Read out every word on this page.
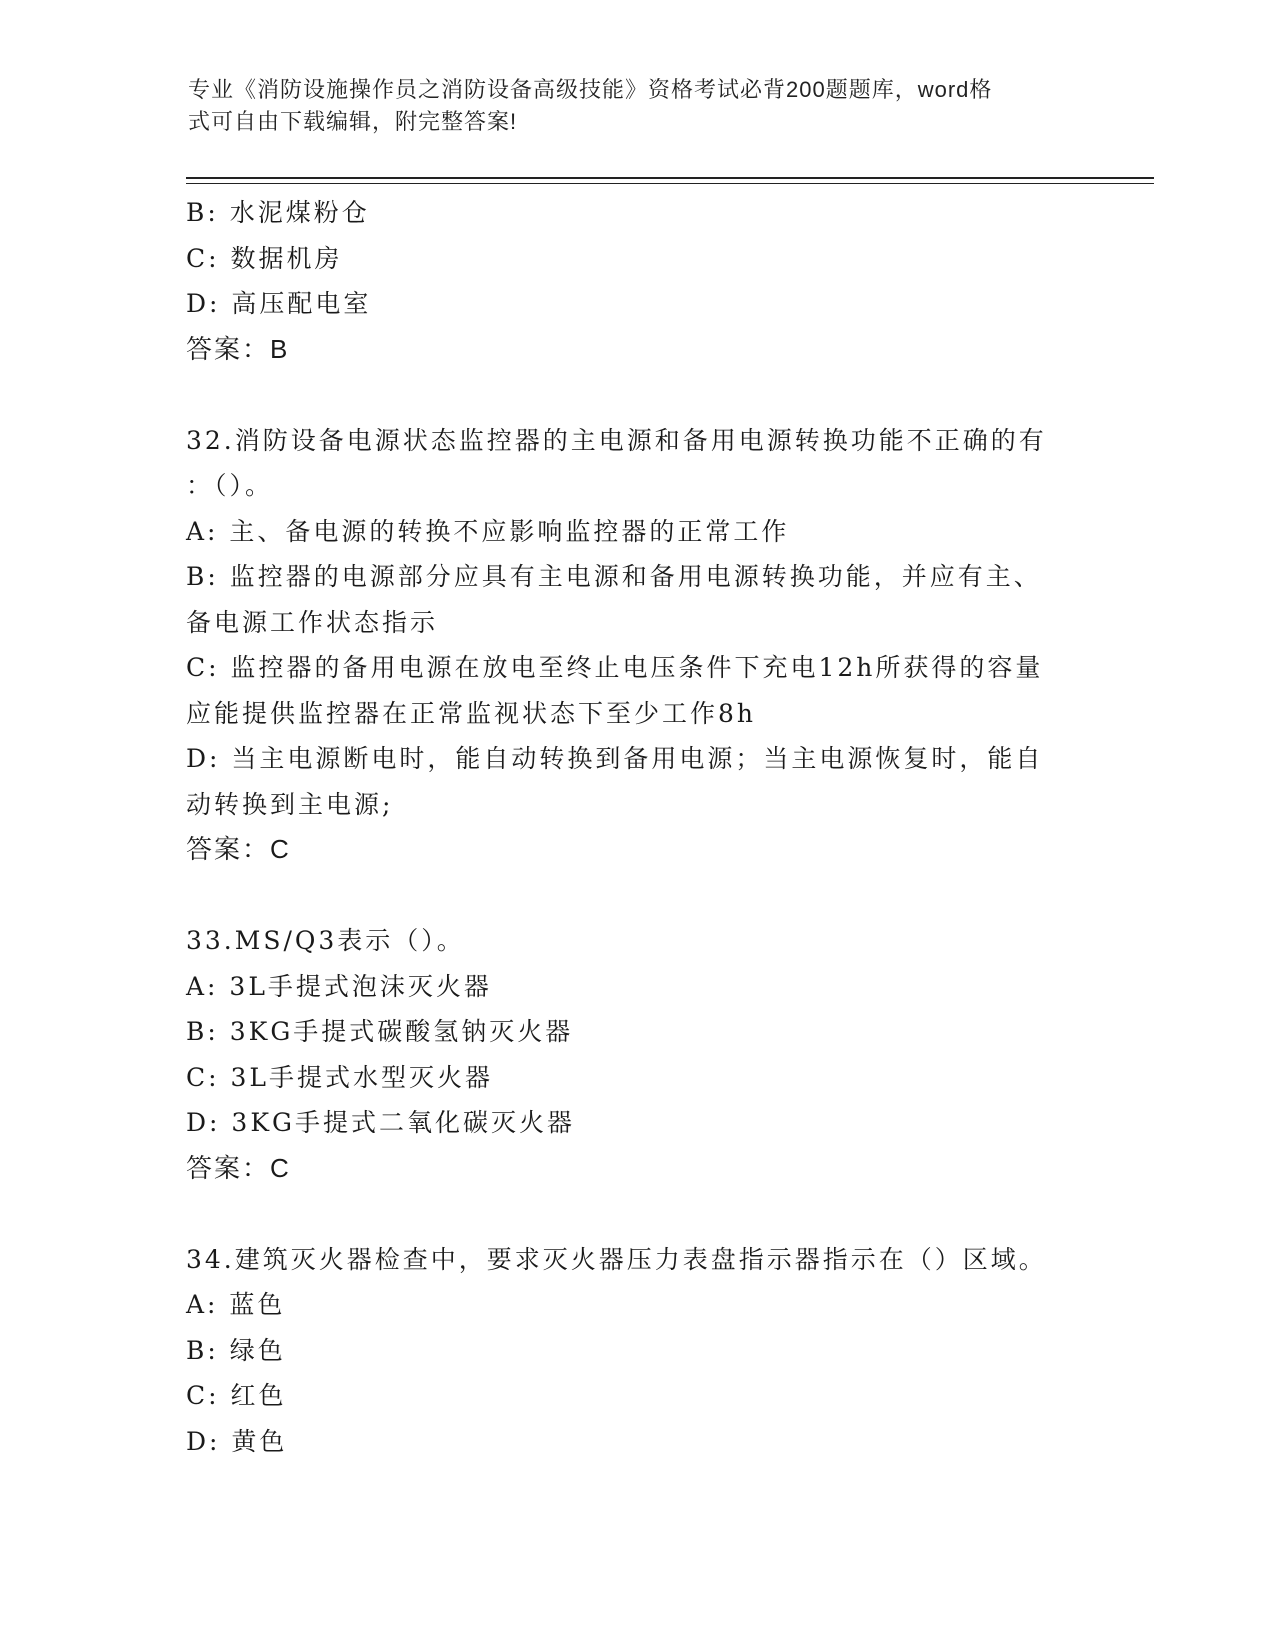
专业《消防设施操作员之消防设备高级技能》资格考试必背200题题库，word格
式可自由下载编辑，附完整答案!
B: 水泥煤粉仓
C: 数据机房
D: 高压配电室
答案：B
32.消防设备电源状态监控器的主电源和备用电源转换功能不正确的有
：（）。
A: 主、备电源的转换不应影响监控器的正常工作
B: 监控器的电源部分应具有主电源和备用电源转换功能，并应有主、
备电源工作状态指示
C: 监控器的备用电源在放电至终止电压条件下充电12h所获得的容量
应能提供监控器在正常监视状态下至少工作8h
D: 当主电源断电时，能自动转换到备用电源；当主电源恢复时，能自
动转换到主电源;
答案：C
33.MS/Q3表示（）。
A: 3L手提式泡沫灭火器
B: 3KG手提式碳酸氢钠灭火器
C: 3L手提式水型灭火器
D: 3KG手提式二氧化碳灭火器
答案：C
34.建筑灭火器检查中，要求灭火器压力表盘指示器指示在（）区域。
A: 蓝色
B: 绿色
C: 红色
D: 黄色
